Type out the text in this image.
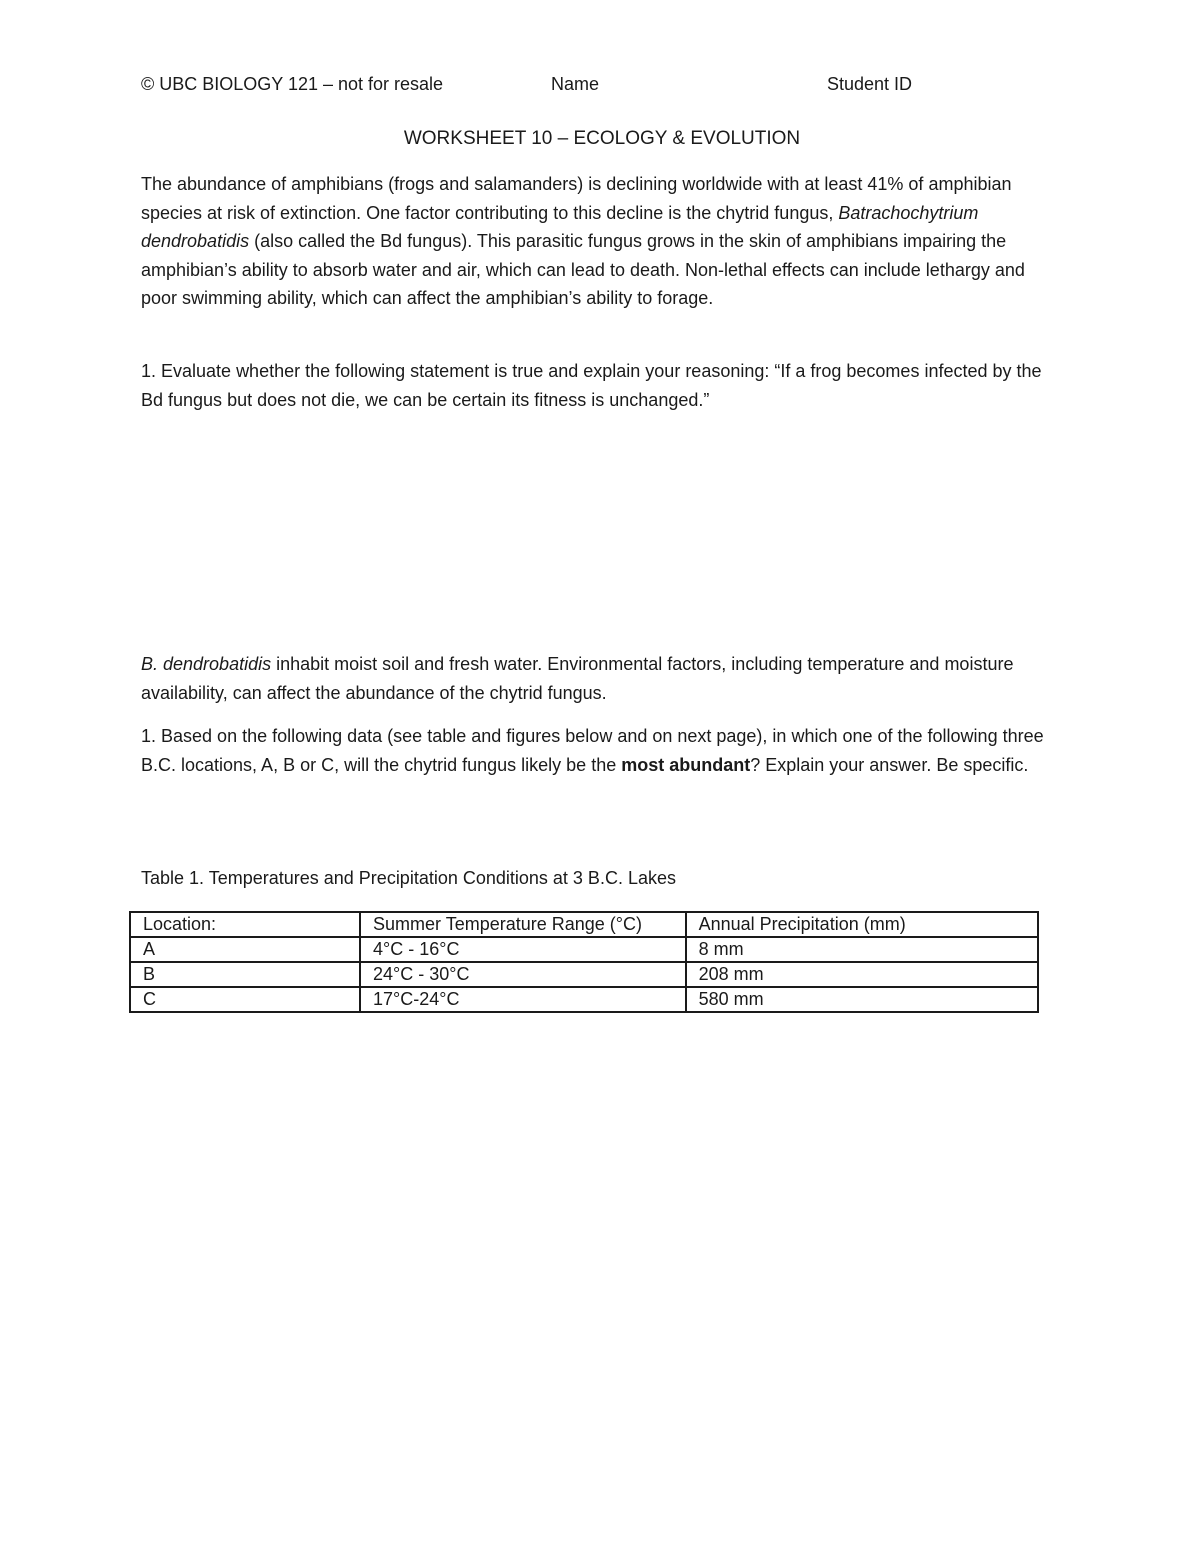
© UBC BIOLOGY 121 – not for resale	Name	Student ID
WORKSHEET 10 – ECOLOGY & EVOLUTION

The abundance of amphibians (frogs and salamanders) is declining worldwide with at least 41% of amphibian species at risk of extinction. One factor contributing to this decline is the chytrid fungus, Batrachochytrium dendrobatidis (also called the Bd fungus). This parasitic fungus grows in the skin of amphibians impairing the amphibian’s ability to absorb water and air, which can lead to death. Non-lethal effects can include lethargy and poor swimming ability, which can affect the amphibian’s ability to forage.

1. Evaluate whether the following statement is true and explain your reasoning: “If a frog becomes infected by the Bd fungus but does not die, we can be certain its fitness is unchanged.”

B. dendrobatidis inhabit moist soil and fresh water. Environmental factors, including temperature and moisture availability, can affect the abundance of the chytrid fungus.

1. Based on the following data (see table and figures below and on next page), in which one of the following three B.C. locations, A, B or C, will the chytrid fungus likely be the most abundant? Explain your answer. Be specific.

Table 1. Temperatures and Precipitation Conditions at 3 B.C. Lakes
Location:	Summer Temperature Range (°C)	Annual Precipitation (mm)
A	4°C - 16°C	8 mm
B	24°C - 30°C	208 mm
C	17°C-24°C	580 mm
